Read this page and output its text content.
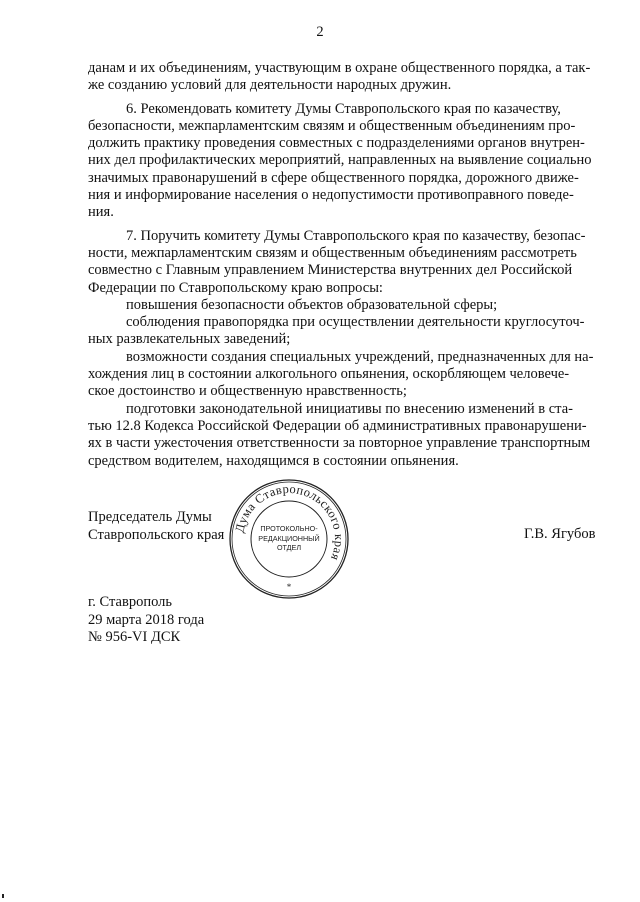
2
данам и их объединениям, участвующим в охране общественного порядка, а так-
же созданию условий для деятельности народных дружин.
6. Рекомендовать комитету Думы Ставропольского края по казачеству,
безопасности, межпарламентским связям и общественным объединениям про-
должить практику проведения совместных с подразделениями органов внутрен-
них дел профилактических мероприятий, направленных на выявление социально
значимых правонарушений в сфере общественного порядка, дорожного движе-
ния и информирование населения о недопустимости противоправного поведе-
ния.
7. Поручить комитету Думы Ставропольского края по казачеству, безопас-
ности, межпарламентским связям и общественным объединениям рассмотреть
совместно с Главным управлением Министерства внутренних дел Российской
Федерации по Ставропольскому краю вопросы:
повышения безопасности объектов образовательной сферы;
соблюдения правопорядка при осуществлении деятельности круглосуточ-
ных развлекательных заведений;
возможности создания специальных учреждений, предназначенных для на-
хождения лиц в состоянии алкогольного опьянения, оскорбляющем человече-
ское достоинство и общественную нравственность;
подготовки законодательной инициативы по внесению изменений в ста-
тью 12.8 Кодекса Российской Федерации об административных правонарушени-
ях в части ужесточения ответственности за повторное управление транспортным
средством водителем, находящимся в состоянии опьянения.
Дума Ставропольского края
*
ПРОТОКОЛЬНО-
РЕДАКЦИОННЫЙ
ОТДЕЛ
Председатель Думы
Ставропольского края	Г.В. Ягубов
г. Ставрополь
29 марта 2018 года
№ 956-VI ДСК
